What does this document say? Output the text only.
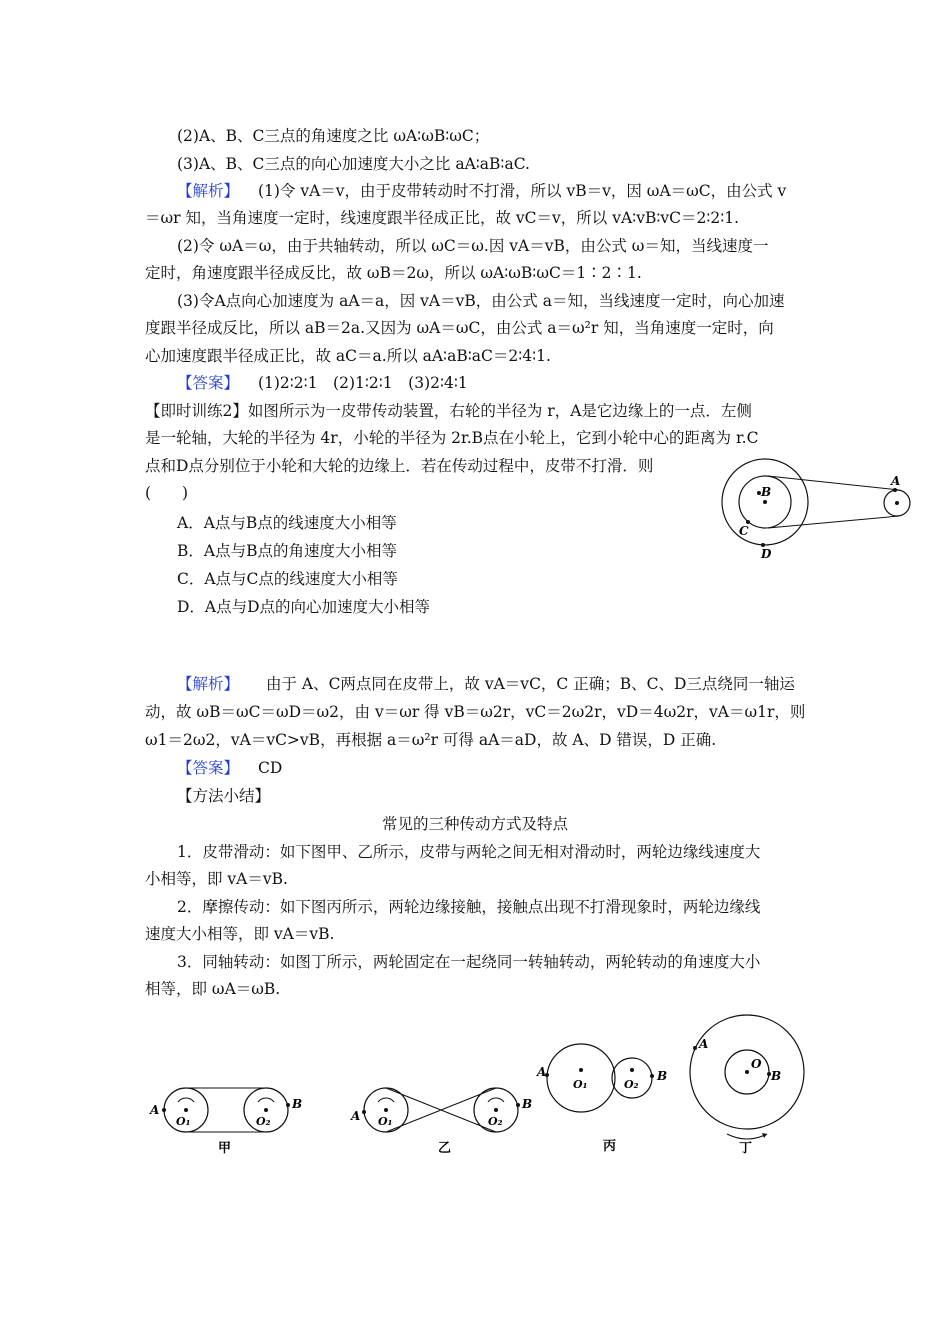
(2)A、B、C三点的角速度之比 ωA∶ωB∶ωC；
(3)A、B、C三点的向心加速度大小之比 aA∶aB∶aC.
【解析】 (1)令 vA＝v，由于皮带转动时不打滑，所以 vB＝v，因 ωA＝ωC，由公式 v
＝ωr 知，当角速度一定时，线速度跟半径成正比，故 vC＝v，所以 vA∶vB∶vC＝2∶2∶1.
(2)令 ωA＝ω，由于共轴转动，所以 ωC＝ω.因 vA＝vB，由公式 ω＝知，当线速度一
定时，角速度跟半径成反比，故 ωB＝2ω，所以 ωA∶ωB∶ωC＝1∶2∶1.
(3)令A点向心加速度为 aA＝a，因 vA＝vB，由公式 a＝知，当线速度一定时，向心加速
度跟半径成反比，所以 aB＝2a.又因为 ωA＝ωC，由公式 a＝ω²r 知，当角速度一定时，向
心加速度跟半径成正比，故 aC＝a.所以 aA∶aB∶aC＝2∶4∶1.
【答案】 (1)2∶2∶1　(2)1∶2∶1　(3)2∶4∶1
【即时训练2】如图所示为一皮带传动装置，右轮的半径为 r，A是它边缘上的一点．左侧
是一轮轴，大轮的半径为 4r，小轮的半径为 2r.B点在小轮上，它到小轮中心的距离为 r.C
点和D点分别位于小轮和大轮的边缘上．若在传动过程中，皮带不打滑．则
(　　)
A．A点与B点的线速度大小相等
B．A点与B点的角速度大小相等
C．A点与C点的线速度大小相等
D．A点与D点的向心加速度大小相等
B
A
C
D
【解析】 由于 A、C两点同在皮带上，故 vA＝vC，C 正确；B、C、D三点绕同一轴运
动，故 ωB＝ωC＝ωD＝ω2，由 v＝ωr 得 vB＝ω2r，vC＝2ω2r，vD＝4ω2r，vA＝ω1r，则
ω1＝2ω2，vA＝vC>vB，再根据 a＝ω²r 可得 aA＝aD，故 A、D 错误，D 正确.
【答案】 CD
【方法小结】
常见的三种传动方式及特点
1．皮带滑动：如下图甲、乙所示，皮带与两轮之间无相对滑动时，两轮边缘线速度大
小相等，即 vA＝vB.
2．摩擦传动：如下图丙所示，两轮边缘接触，接触点出现不打滑现象时，两轮边缘线
速度大小相等，即 vA＝vB.
3．同轴转动：如图丁所示，两轮固定在一起绕同一转轴转动，两轮转动的角速度大小
相等，即 ωA＝ωB.
A	B
O₁	O₂
甲
A
B
O₁	O₂
乙
A	B
O₁	O₂
丙
A
O
B
丁
